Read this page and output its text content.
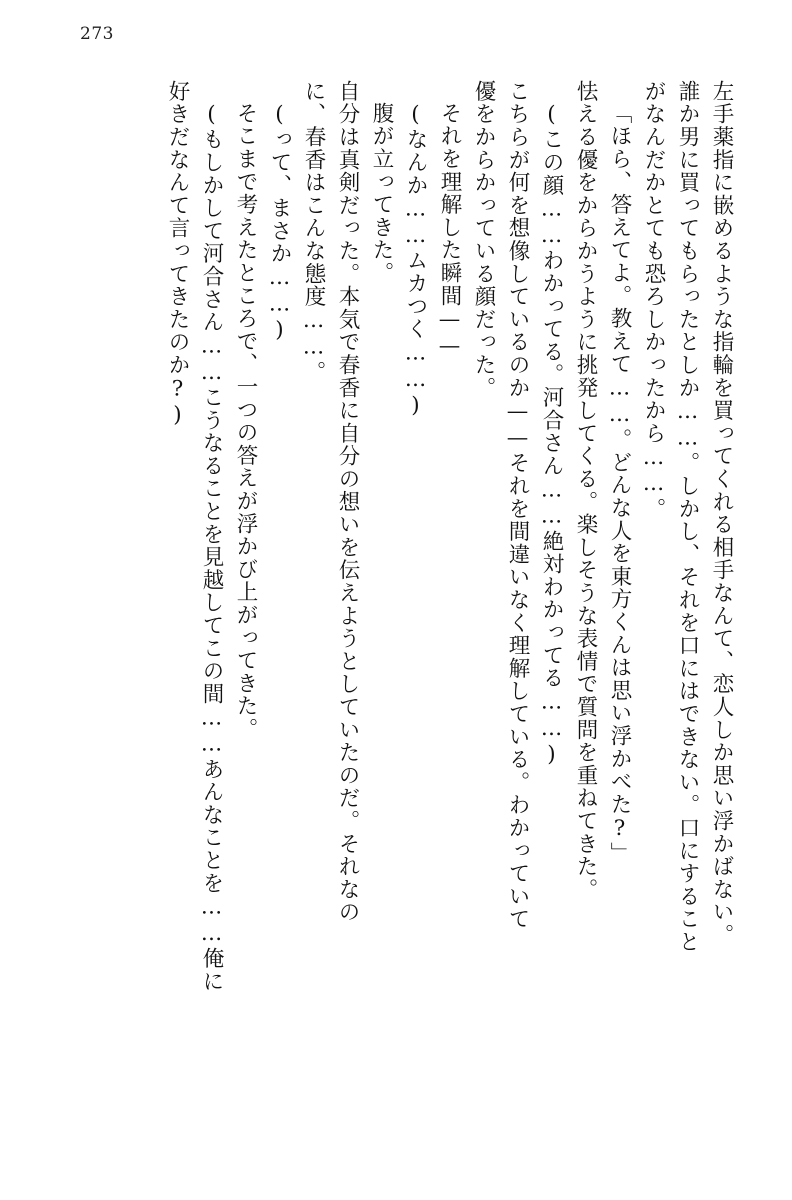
273
左手薬指に嵌めるような指輪を買ってくれる相手なんて、恋人しか思い浮かばない。
誰か男に買ってもらったとしか……。しかし、それを口にはできない。口にすること
がなんだかとても恐ろしかったから……。
「ほら、答えてよ。教えて……。どんな人を東方くんは思い浮かべた?」
怯える優をからかうように挑発してくる。楽しそうな表情で質問を重ねてきた。
(この顔……わかってる。河合さん……絶対わかってる……)
こちらが何を想像しているのか——それを間違いなく理解している。わかっていて
優をからかっている顔だった。
それを理解した瞬間——
(なんか……ムカつく……)
腹が立ってきた。
自分は真剣だった。本気で春香に自分の想いを伝えようとしていたのだ。それなの
に、春香はこんな態度……。
(って、まさか……)
そこまで考えたところで、一つの答えが浮かび上がってきた。
(もしかして河合さん……こうなることを見越してこの間……あんなことを……俺に
好きだなんて言ってきたのか?)
